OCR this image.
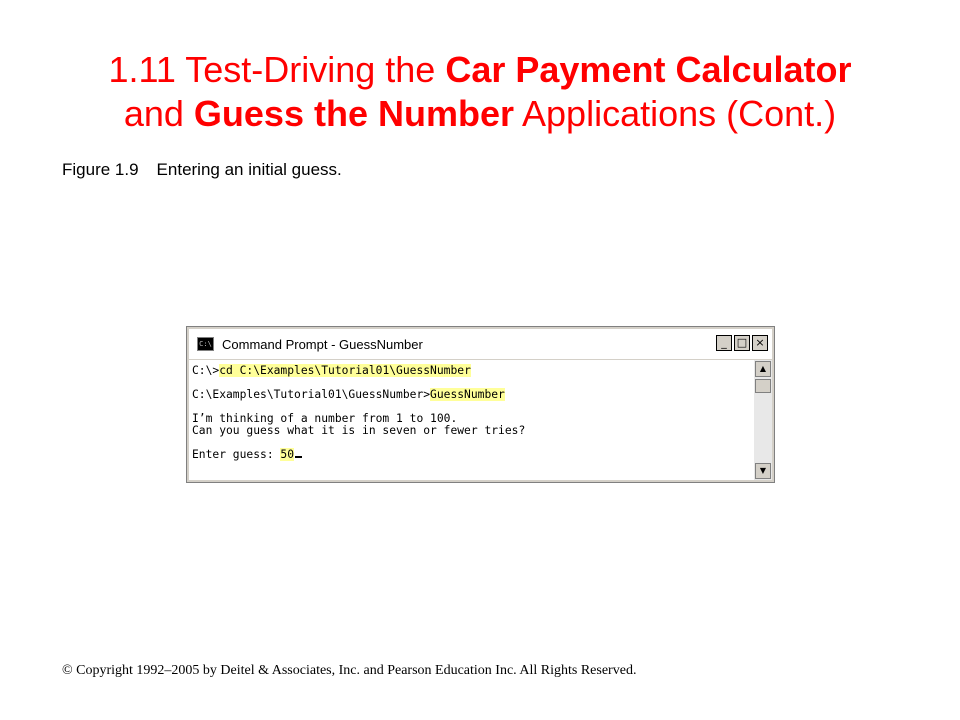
1.11 Test-Driving the Car Payment Calculator
and Guess the Number Applications (Cont.)
Figure 1.9 Entering an initial guess.
C:\ Command Prompt - GuessNumber	_ □ ×
C:\>cd C:\Examples\Tutorial01\GuessNumber

C:\Examples\Tutorial01\GuessNumber>GuessNumber

I’m thinking of a number from 1 to 100.
Can you guess what it is in seven or fewer tries?

Enter guess: 50
▲
▼
© Copyright 1992–2005 by Deitel & Associates, Inc. and Pearson Education Inc. All Rights Reserved.
